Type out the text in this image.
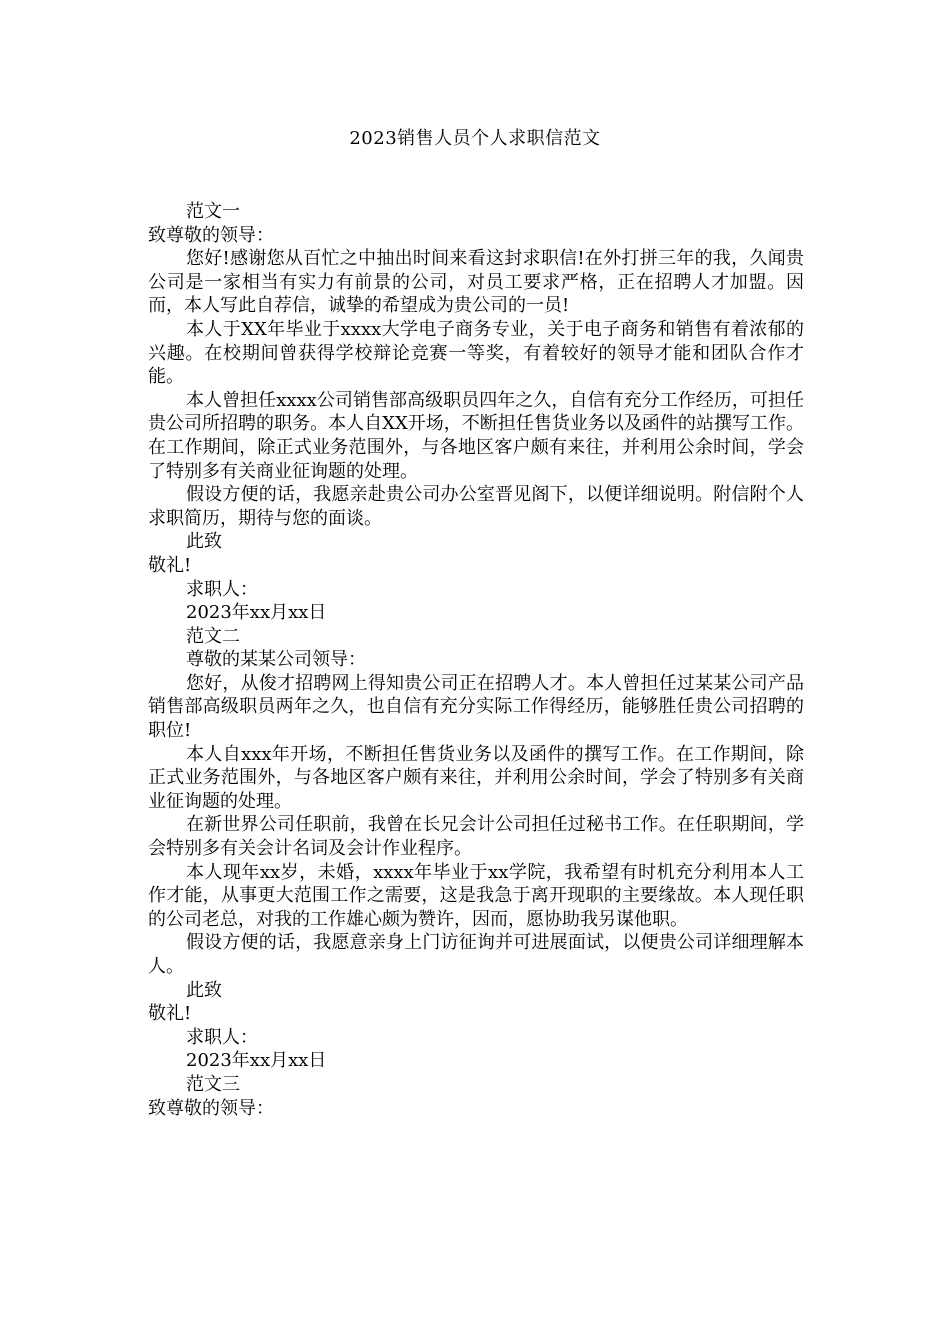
2023销售人员个人求职信范文

范文一

致尊敬的领导：

您好!感谢您从百忙之中抽出时间来看这封求职信!在外打拼三年的我，久闻贵公司是一家相当有实力有前景的公司，对员工要求严格，正在招聘人才加盟。因而，本人写此自荐信，诚挚的希望成为贵公司的一员!

本人于XX年毕业于xxxx大学电子商务专业，关于电子商务和销售有着浓郁的兴趣。在校期间曾获得学校辩论竞赛一等奖，有着较好的领导才能和团队合作才能。

本人曾担任xxxx公司销售部高级职员四年之久，自信有充分工作经历，可担任贵公司所招聘的职务。本人自XX开场，不断担任售货业务以及函件的站撰写工作。在工作期间，除正式业务范围外，与各地区客户颇有来往，并利用公余时间，学会了特别多有关商业征询题的处理。

假设方便的话，我愿亲赴贵公司办公室晋见阁下，以便详细说明。附信附个人求职简历，期待与您的面谈。

此致

敬礼!

求职人：

2023年xx月xx日

范文二

尊敬的某某公司领导：

您好，从俊才招聘网上得知贵公司正在招聘人才。本人曾担任过某某公司产品销售部高级职员两年之久，也自信有充分实际工作得经历，能够胜任贵公司招聘的职位!

本人自xxx年开场，不断担任售货业务以及函件的撰写工作。在工作期间，除正式业务范围外，与各地区客户颇有来往，并利用公余时间，学会了特别多有关商业征询题的处理。

在新世界公司任职前，我曾在长兄会计公司担任过秘书工作。在任职期间，学会特别多有关会计名词及会计作业程序。

本人现年xx岁，未婚，xxxx年毕业于xx学院，我希望有时机充分利用本人工作才能，从事更大范围工作之需要，这是我急于离开现职的主要缘故。本人现任职的公司老总，对我的工作雄心颇为赞许，因而，愿协助我另谋他职。

假设方便的话，我愿意亲身上门访征询并可进展面试，以便贵公司详细理解本人。

此致

敬礼!

求职人：

2023年xx月xx日

范文三

致尊敬的领导：
